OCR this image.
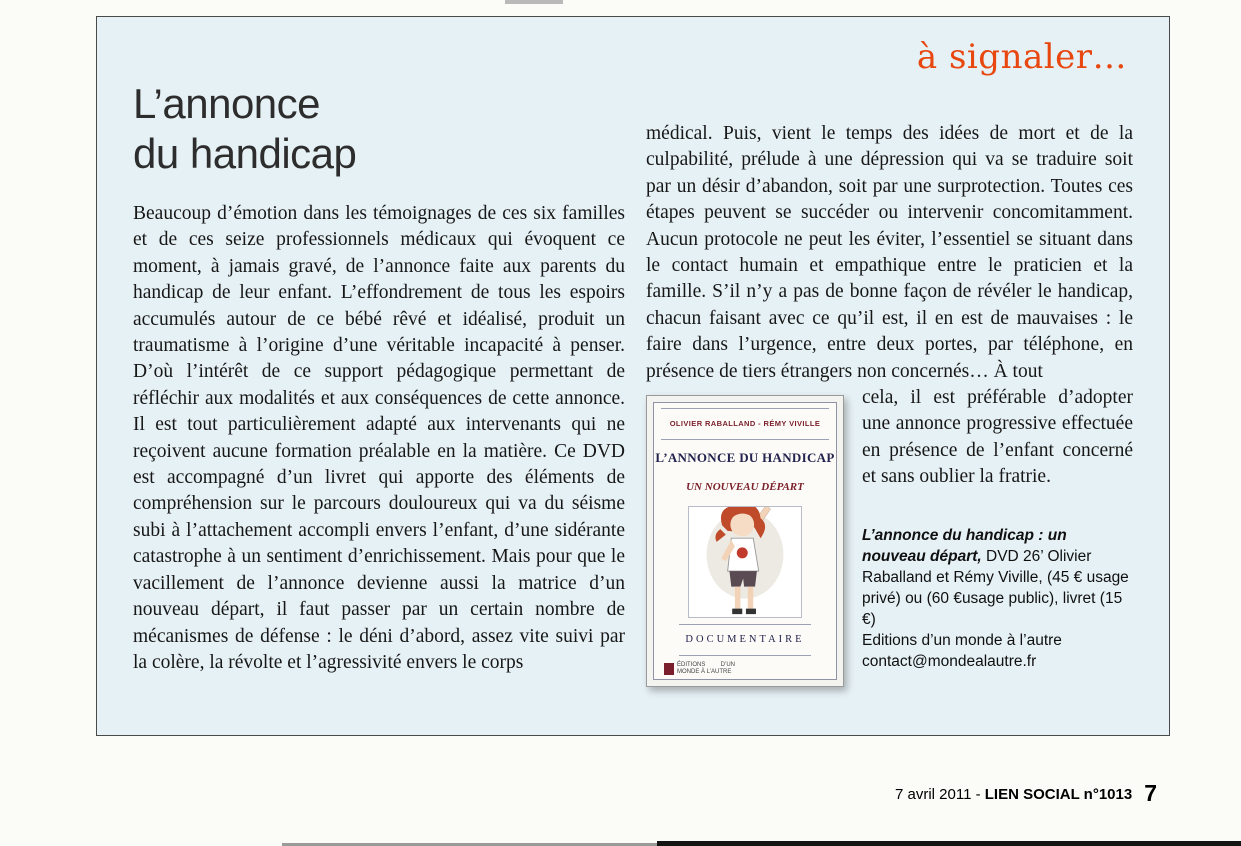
à signaler…
L’annonce
du handicap

Beaucoup d’émotion dans les témoignages de ces six familles et de ces seize professionnels médicaux qui évoquent ce moment, à jamais gravé, de l’annonce faite aux parents du handicap de leur enfant. L’effondrement de tous les espoirs accumulés autour de ce bébé rêvé et idéalisé, produit un traumatisme à l’origine d’une véritable incapacité à penser. D’où l’intérêt de ce support pédagogique permettant de réfléchir aux modalités et aux conséquences de cette annonce. Il est tout particulièrement adapté aux intervenants qui ne reçoivent aucune formation préalable en la matière. Ce DVD est accompagné d’un livret qui apporte des éléments de compréhension sur le parcours douloureux qui va du séisme subi à l’attachement accompli envers l’enfant, d’une sidérante catastrophe à un sentiment d’enrichissement. Mais pour que le vacillement de l’annonce devienne aussi la matrice d’un nouveau départ, il faut passer par un certain nombre de mécanismes de défense : le déni d’abord, assez vite suivi par la colère, la révolte et l’agressivité envers le corps

médical. Puis, vient le temps des idées de mort et de la culpabilité, prélude à une dépression qui va se traduire soit par un désir d’abandon, soit par une surprotection. Toutes ces étapes peuvent se succéder ou intervenir concomitamment. Aucun protocole ne peut les éviter, l’essentiel se situant dans le contact humain et empathique entre le praticien et la famille. S’il n’y a pas de bonne façon de révéler le handicap, chacun faisant avec ce qu’il est, il en est de mauvaises : le faire dans l’urgence, entre deux portes, par téléphone, en présence de tiers étrangers non concernés… À tout

OLIVIER RABALLAND - RÉMY VIVILLE
L’ANNONCE DU HANDICAP
UN NOUVEAU DÉPART
DOCUMENTAIRE
ÉDITIONS D’UN MONDE À L’AUTRE

cela, il est préférable d’adopter une annonce progressive effectuée en présence de l’enfant concerné et sans oublier la fratrie.

L’annonce du handicap : un nouveau départ, DVD 26’ Olivier Raballand et Rémy Viville, (45 € usage privé) ou (60 €usage public), livret (15 €)
Editions d’un monde à l’autre
contact@mondealautre.fr
7 avril 2011 - LIEN SOCIAL n°1013 7
